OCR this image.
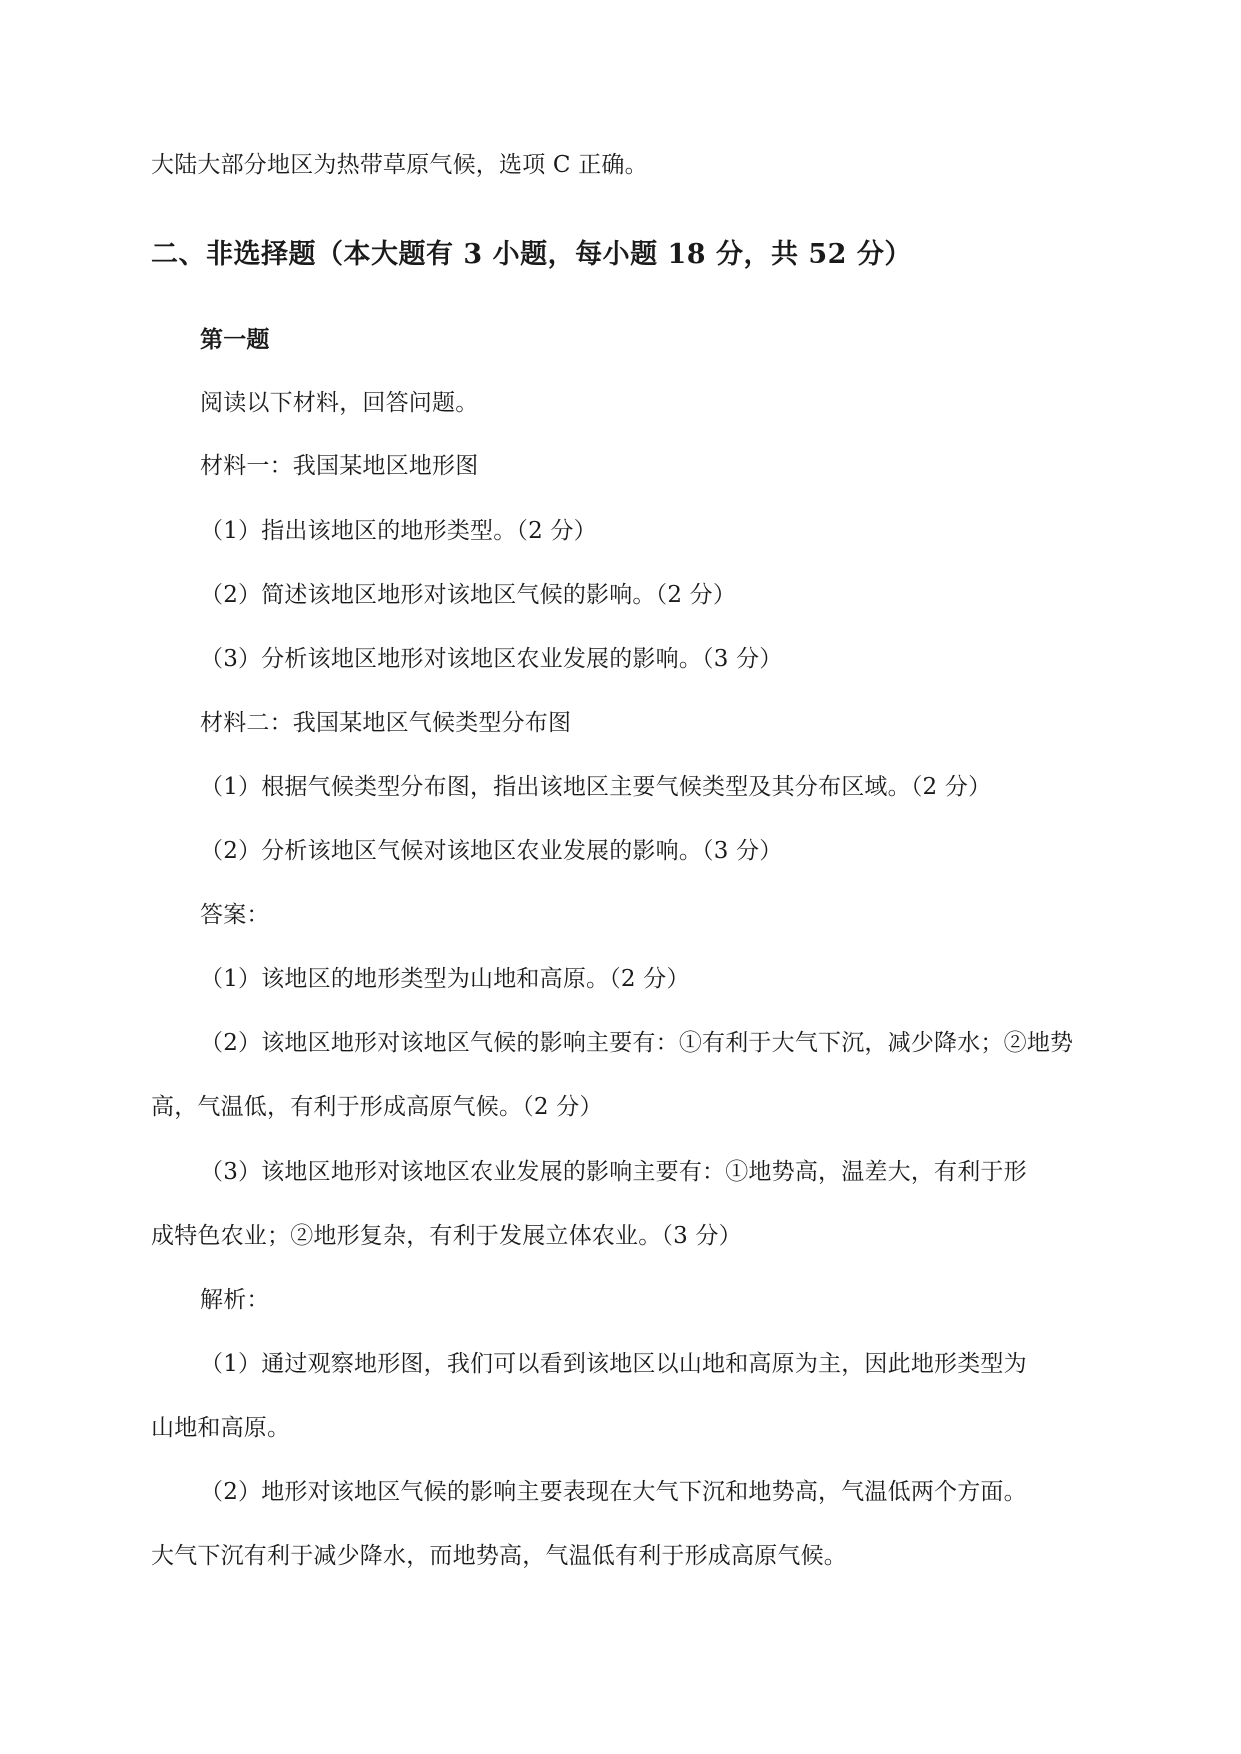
大陆大部分地区为热带草原气候，选项 C 正确。
二、非选择题（本大题有 3 小题，每小题 18 分，共 52 分）
第一题
阅读以下材料，回答问题。
材料一：我国某地区地形图
（1）指出该地区的地形类型。（2 分）
（2）简述该地区地形对该地区气候的影响。（2 分）
（3）分析该地区地形对该地区农业发展的影响。（3 分）
材料二：我国某地区气候类型分布图
（1）根据气候类型分布图，指出该地区主要气候类型及其分布区域。（2 分）
（2）分析该地区气候对该地区农业发展的影响。（3 分）
答案：
（1）该地区的地形类型为山地和高原。（2 分）
（2）该地区地形对该地区气候的影响主要有：①有利于大气下沉，减少降水；②地势
高，气温低，有利于形成高原气候。（2 分）
（3）该地区地形对该地区农业发展的影响主要有：①地势高，温差大，有利于形
成特色农业；②地形复杂，有利于发展立体农业。（3 分）
解析：
（1）通过观察地形图，我们可以看到该地区以山地和高原为主，因此地形类型为
山地和高原。
（2）地形对该地区气候的影响主要表现在大气下沉和地势高，气温低两个方面。
大气下沉有利于减少降水，而地势高，气温低有利于形成高原气候。
